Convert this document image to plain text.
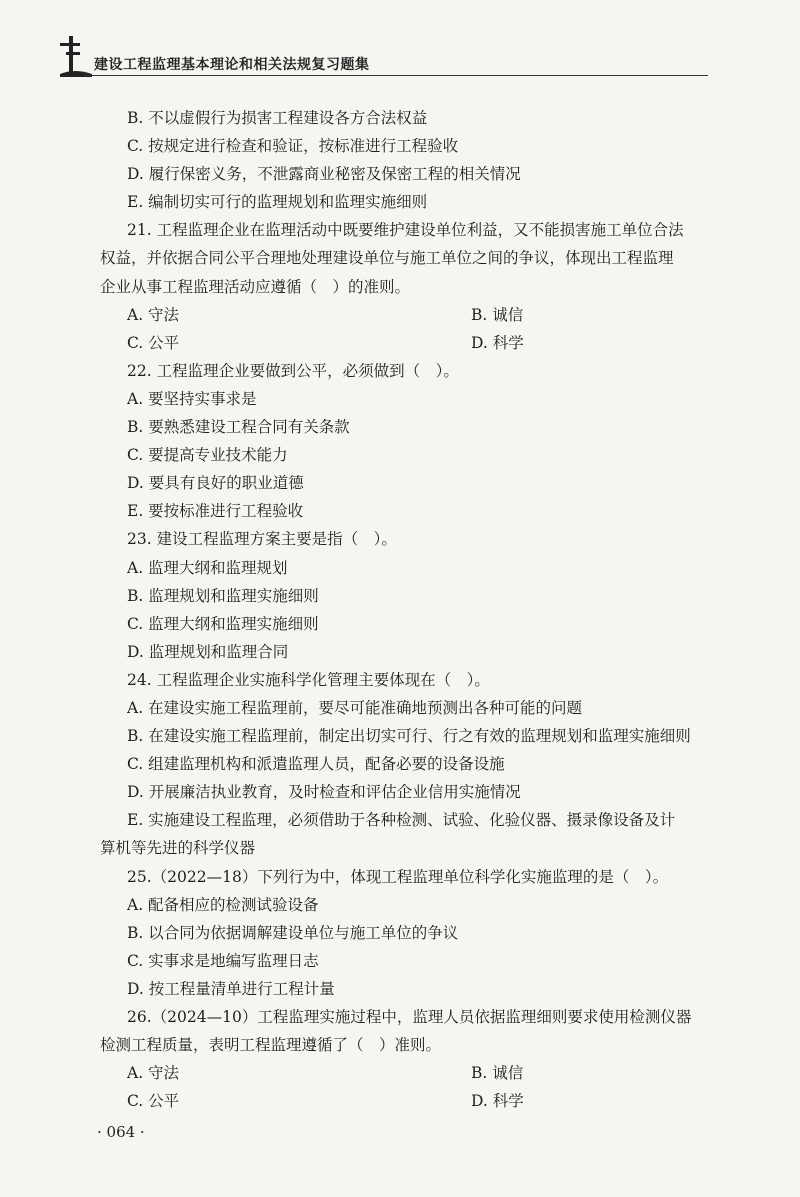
建设工程监理基本理论和相关法规复习题集
B. 不以虚假行为损害工程建设各方合法权益
C. 按规定进行检查和验证，按标准进行工程验收
D. 履行保密义务，不泄露商业秘密及保密工程的相关情况
E. 编制切实可行的监理规划和监理实施细则
21. 工程监理企业在监理活动中既要维护建设单位利益，又不能损害施工单位合法
权益，并依据合同公平合理地处理建设单位与施工单位之间的争议，体现出工程监理
企业从事工程监理活动应遵循（　）的准则。
A. 守法	B. 诚信
C. 公平	D. 科学
22. 工程监理企业要做到公平，必须做到（　）。
A. 要坚持实事求是
B. 要熟悉建设工程合同有关条款
C. 要提高专业技术能力
D. 要具有良好的职业道德
E. 要按标准进行工程验收
23. 建设工程监理方案主要是指（　）。
A. 监理大纲和监理规划
B. 监理规划和监理实施细则
C. 监理大纲和监理实施细则
D. 监理规划和监理合同
24. 工程监理企业实施科学化管理主要体现在（　）。
A. 在建设实施工程监理前，要尽可能准确地预测出各种可能的问题
B. 在建设实施工程监理前，制定出切实可行、行之有效的监理规划和监理实施细则
C. 组建监理机构和派遣监理人员，配备必要的设备设施
D. 开展廉洁执业教育，及时检查和评估企业信用实施情况
E. 实施建设工程监理，必须借助于各种检测、试验、化验仪器、摄录像设备及计
算机等先进的科学仪器
25.（2022—18）下列行为中，体现工程监理单位科学化实施监理的是（　）。
A. 配备相应的检测试验设备
B. 以合同为依据调解建设单位与施工单位的争议
C. 实事求是地编写监理日志
D. 按工程量清单进行工程计量
26.（2024—10）工程监理实施过程中，监理人员依据监理细则要求使用检测仪器
检测工程质量，表明工程监理遵循了（　）准则。
A. 守法	B. 诚信
C. 公平	D. 科学
· 064 ·
